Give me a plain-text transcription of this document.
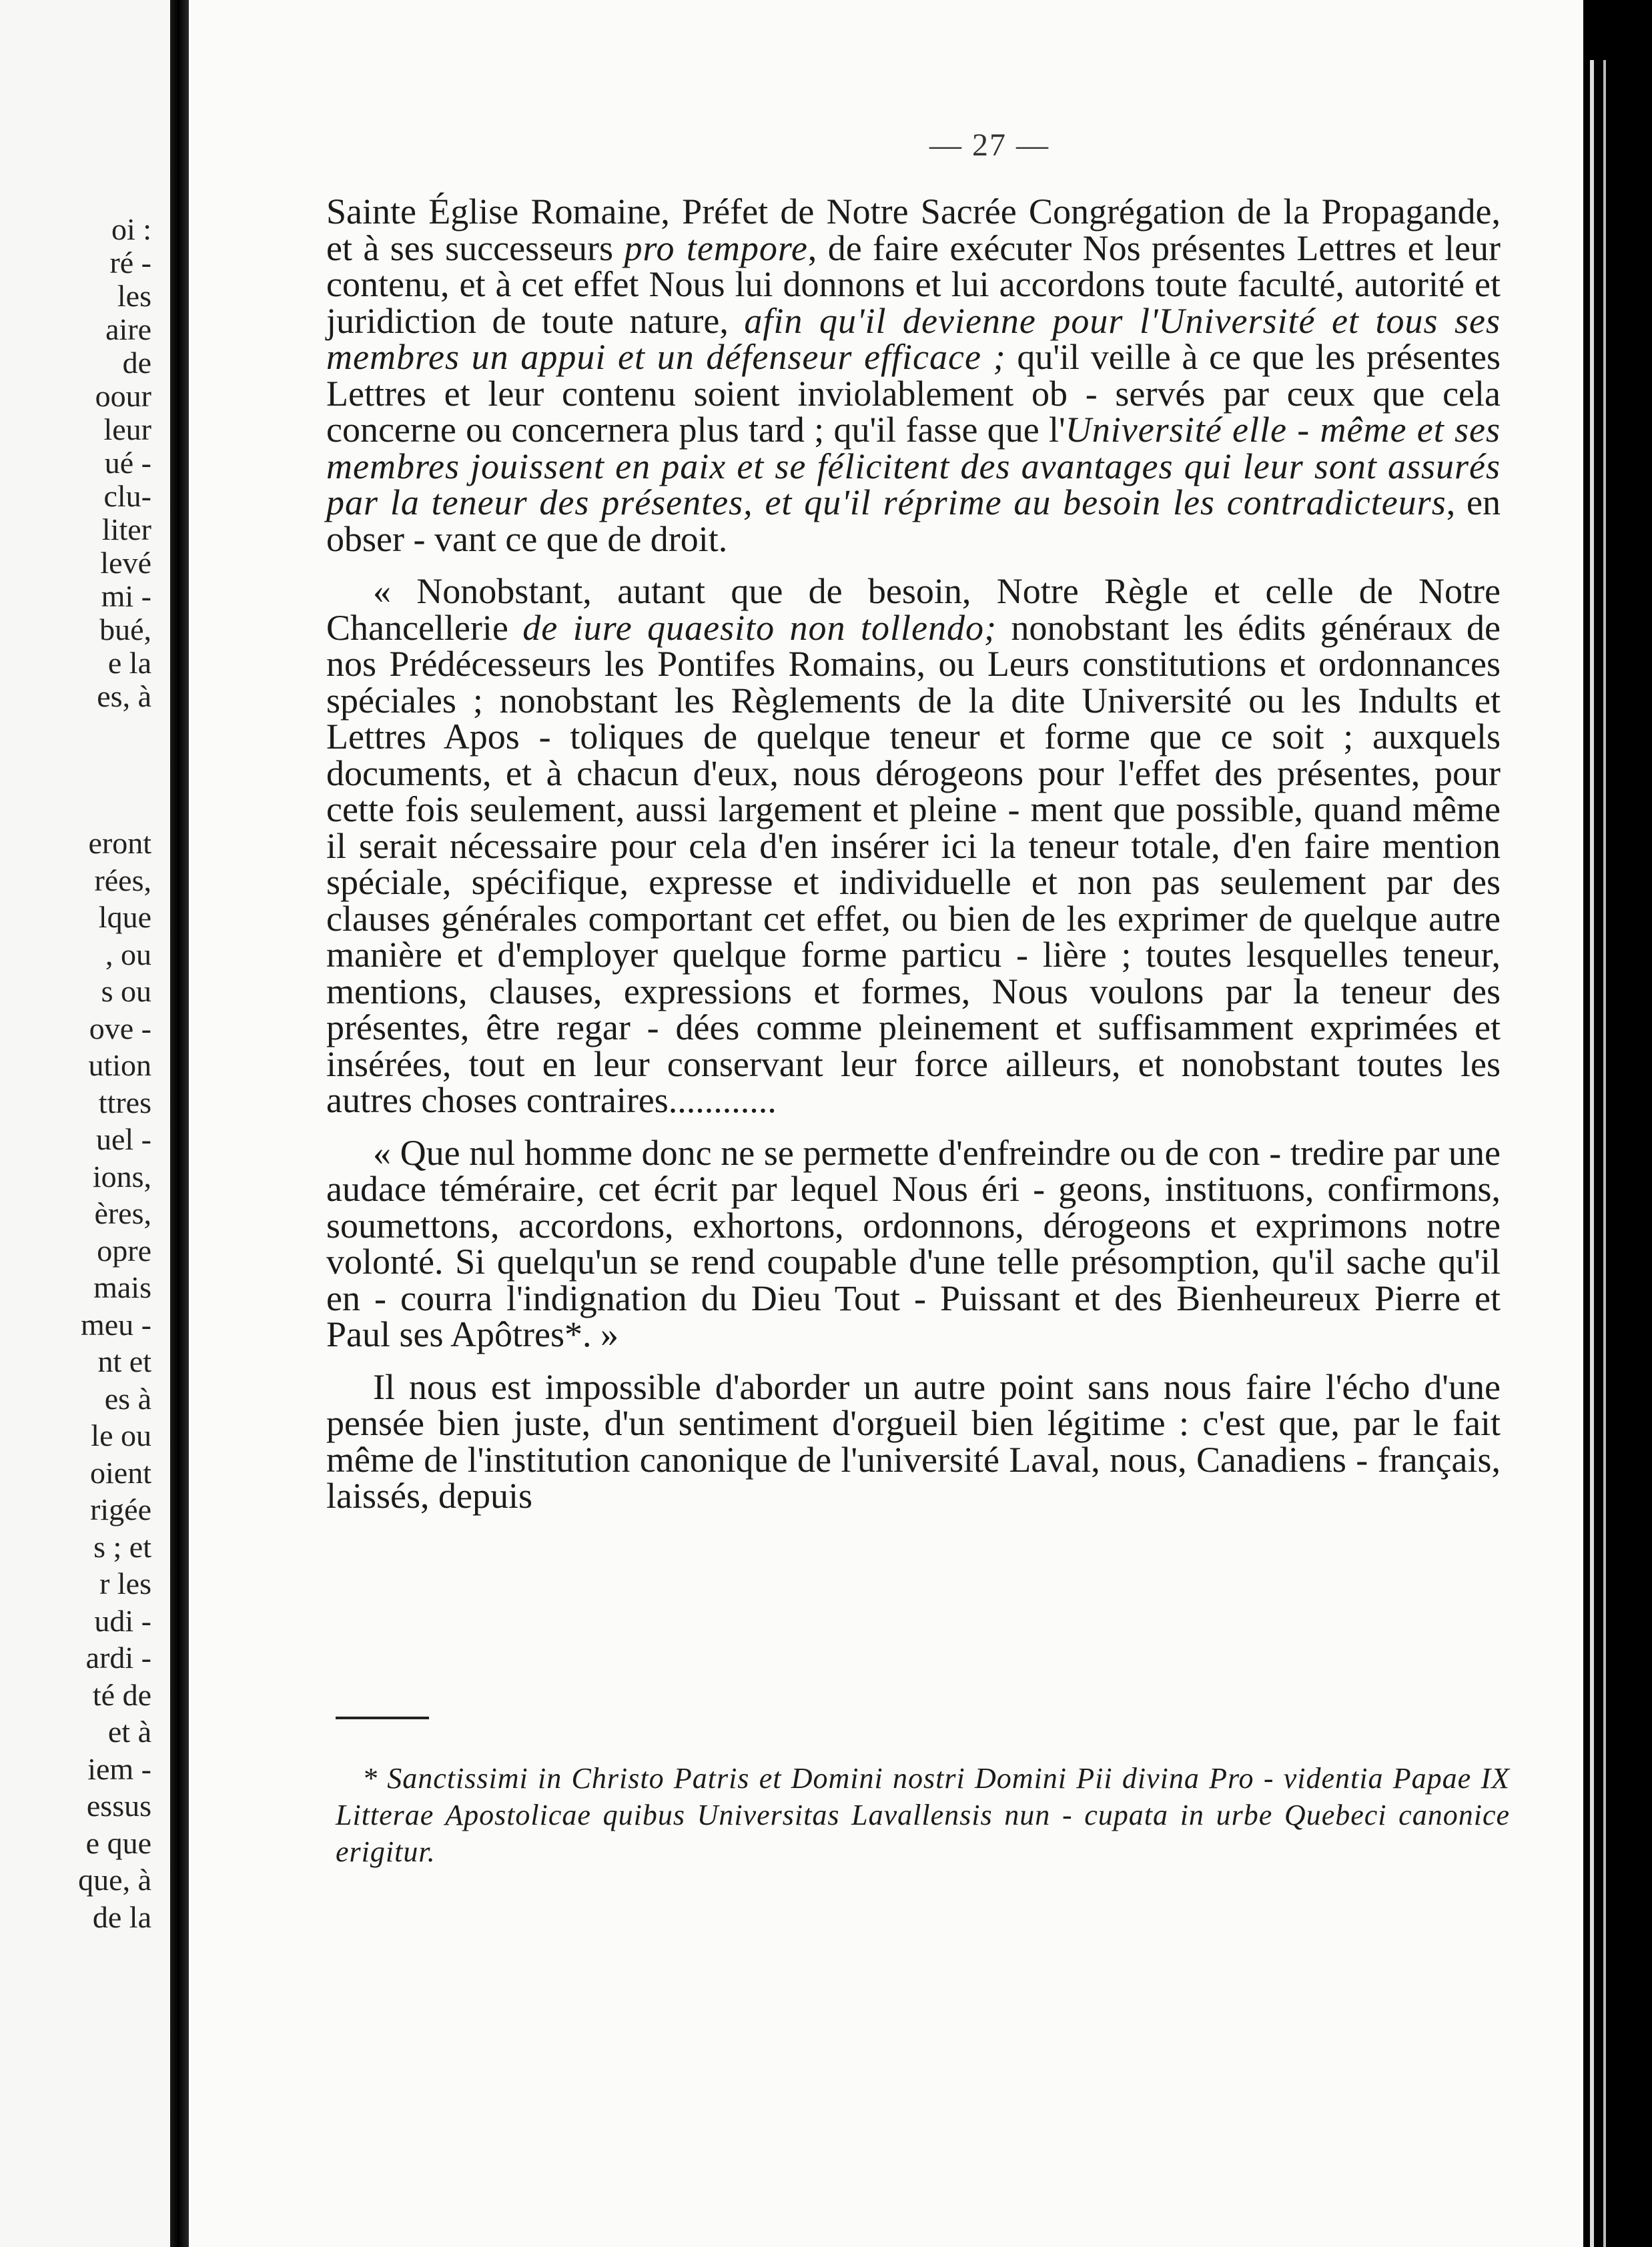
oi :

ré -

les

aire

de

oour

leur

ué -

clu-

liter

levé

mi -

bué,

e la

es, à

eront

rées,

lque

, ou

s ou

ove -

ution

ttres

uel -

ions,

ères,

opre

mais

meu -

nt et

es à

le ou

oient

rigée

s ; et

r les

udi -

ardi -

té de

et à

iem -

essus

e que

que, à

de la

— 27 —

Sainte Église Romaine, Préfet de Notre Sacrée Congrégation de la Propagande, et à ses successeurs pro tempore, de faire exécuter Nos présentes Lettres et leur contenu, et à cet effet Nous lui donnons et lui accordons toute faculté, autorité et juridiction de toute nature, afin qu'il devienne pour l'Université et tous ses membres un appui et un défenseur efficace ; qu'il veille à ce que les présentes Lettres et leur contenu soient inviolablement ob - servés par ceux que cela concerne ou concernera plus tard ; qu'il fasse que l'Université elle - même et ses membres jouissent en paix et se félicitent des avantages qui leur sont assurés par la teneur des présentes, et qu'il réprime au besoin les contradicteurs, en obser - vant ce que de droit.

« Nonobstant, autant que de besoin, Notre Règle et celle de Notre Chancellerie de iure quaesito non tollendo; nonobstant les édits généraux de nos Prédécesseurs les Pontifes Romains, ou Leurs constitutions et ordonnances spéciales ; nonobstant les Règlements de la dite Université ou les Indults et Lettres Apos - toliques de quelque teneur et forme que ce soit ; auxquels documents, et à chacun d'eux, nous dérogeons pour l'effet des présentes, pour cette fois seulement, aussi largement et pleine - ment que possible, quand même il serait nécessaire pour cela d'en insérer ici la teneur totale, d'en faire mention spéciale, spécifique, expresse et individuelle et non pas seulement par des clauses générales comportant cet effet, ou bien de les exprimer de quelque autre manière et d'employer quelque forme particu - lière ; toutes lesquelles teneur, mentions, clauses, expressions et formes, Nous voulons par la teneur des présentes, être regar - dées comme pleinement et suffisamment exprimées et insérées, tout en leur conservant leur force ailleurs, et nonobstant toutes les autres choses contraires............

« Que nul homme donc ne se permette d'enfreindre ou de con - tredire par une audace téméraire, cet écrit par lequel Nous éri - geons, instituons, confirmons, soumettons, accordons, exhortons, ordonnons, dérogeons et exprimons notre volonté. Si quelqu'un se rend coupable d'une telle présomption, qu'il sache qu'il en - courra l'indignation du Dieu Tout - Puissant et des Bienheureux Pierre et Paul ses Apôtres*. »

Il nous est impossible d'aborder un autre point sans nous faire l'écho d'une pensée bien juste, d'un sentiment d'orgueil bien légitime : c'est que, par le fait même de l'institution canonique de l'université Laval, nous, Canadiens - français, laissés, depuis

* Sanctissimi in Christo Patris et Domini nostri Domini Pii divina Pro - videntia Papae IX Litterae Apostolicae quibus Universitas Lavallensis nun - cupata in urbe Quebeci canonice erigitur.
